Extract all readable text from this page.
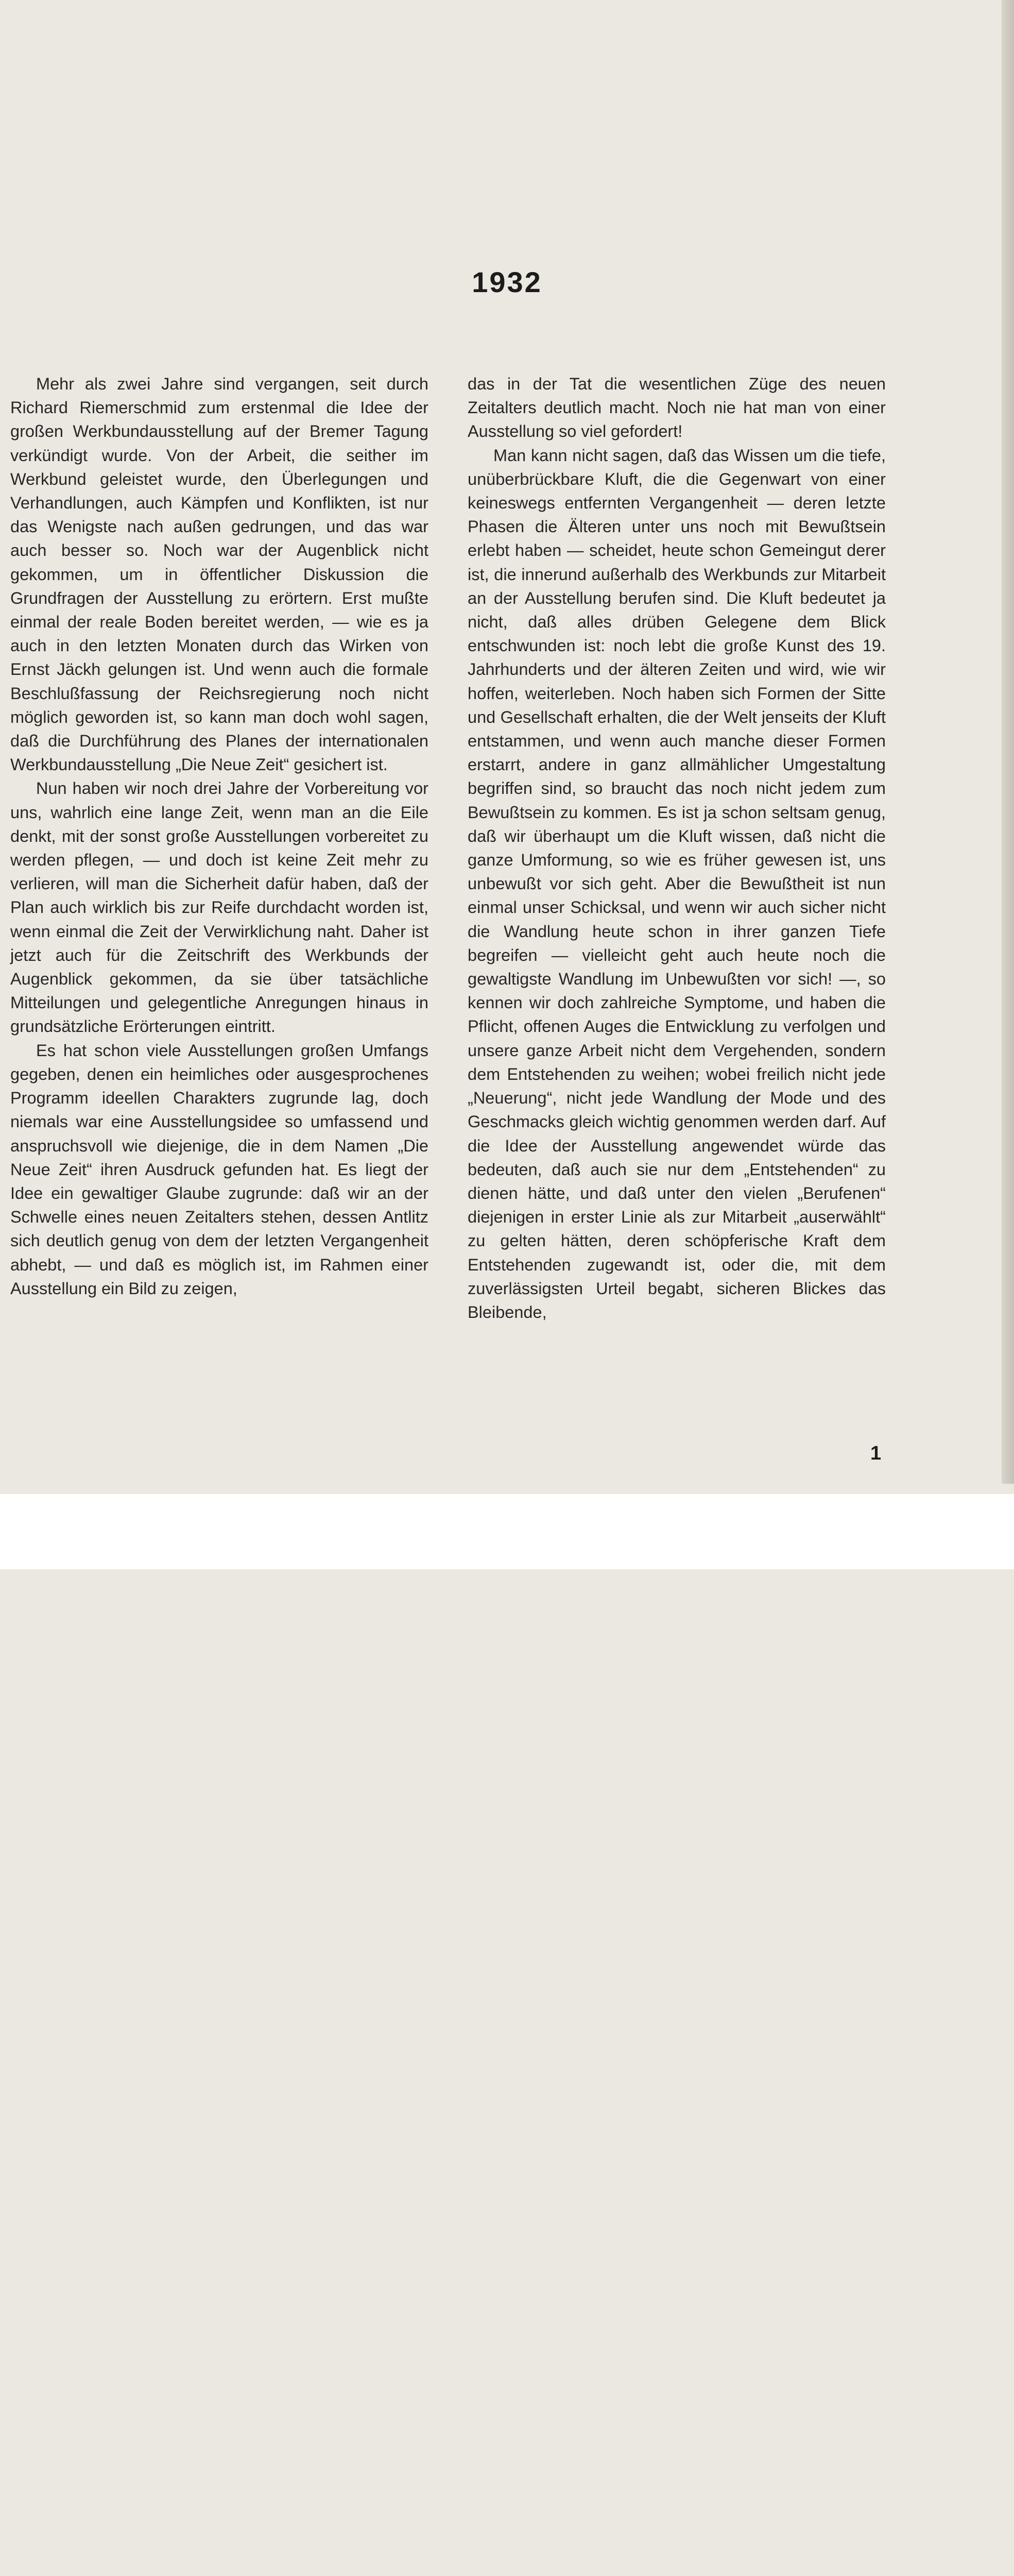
1932

Mehr als zwei Jahre sind vergangen, seit durch Richard Riemerschmid zum erstenmal die Idee der großen Werkbundausstellung auf der Bremer Tagung verkündigt wurde. Von der Arbeit, die seither im Werkbund geleistet wurde, den Überlegungen und Verhandlungen, auch Kämpfen und Konflikten, ist nur das Wenigste nach außen gedrungen, und das war auch besser so. Noch war der Augenblick nicht gekommen, um in öffentlicher Diskussion die Grundfragen der Ausstellung zu erörtern. Erst mußte einmal der reale Boden bereitet werden, — wie es ja auch in den letzten Monaten durch das Wirken von Ernst Jäckh gelungen ist. Und wenn auch die formale Beschlußfassung der Reichsregierung noch nicht möglich geworden ist, so kann man doch wohl sagen, daß die Durchführung des Planes der internationalen Werkbundausstellung „Die Neue Zeit“ gesichert ist.

Nun haben wir noch drei Jahre der Vorbereitung vor uns, wahrlich eine lange Zeit, wenn man an die Eile denkt, mit der sonst große Ausstellungen vorbereitet zu werden pflegen, — und doch ist keine Zeit mehr zu verlieren, will man die Sicherheit dafür haben, daß der Plan auch wirklich bis zur Reife durchdacht worden ist, wenn einmal die Zeit der Verwirklichung naht. Daher ist jetzt auch für die Zeitschrift des Werkbunds der Augenblick gekommen, da sie über tatsächliche Mitteilungen und gelegentliche Anregungen hinaus in grundsätzliche Erörterungen eintritt.

Es hat schon viele Ausstellungen großen Umfangs gegeben, denen ein heimliches oder ausgesprochenes Programm ideellen Charakters zugrunde lag, doch niemals war eine Ausstellungsidee so umfassend und anspruchsvoll wie diejenige, die in dem Namen „Die Neue Zeit“ ihren Ausdruck gefunden hat. Es liegt der Idee ein gewaltiger Glaube zugrunde: daß wir an der Schwelle eines neuen Zeitalters stehen, dessen Antlitz sich deutlich genug von dem der letzten Vergangenheit abhebt, — und daß es möglich ist, im Rahmen einer Ausstellung ein Bild zu zeigen,

das in der Tat die wesentlichen Züge des neuen Zeitalters deutlich macht. Noch nie hat man von einer Ausstellung so viel gefordert!

Man kann nicht sagen, daß das Wissen um die tiefe, unüberbrückbare Kluft, die die Gegenwart von einer keineswegs entfernten Vergangenheit — deren letzte Phasen die Älteren unter uns noch mit Bewußtsein erlebt haben — scheidet, heute schon Gemeingut derer ist, die innerund außerhalb des Werkbunds zur Mitarbeit an der Ausstellung berufen sind. Die Kluft bedeutet ja nicht, daß alles drüben Gelegene dem Blick entschwunden ist: noch lebt die große Kunst des 19. Jahrhunderts und der älteren Zeiten und wird, wie wir hoffen, weiterleben. Noch haben sich Formen der Sitte und Gesellschaft erhalten, die der Welt jenseits der Kluft entstammen, und wenn auch manche dieser Formen erstarrt, andere in ganz allmählicher Umgestaltung begriffen sind, so braucht das noch nicht jedem zum Bewußtsein zu kommen. Es ist ja schon seltsam genug, daß wir überhaupt um die Kluft wissen, daß nicht die ganze Umformung, so wie es früher gewesen ist, uns unbewußt vor sich geht. Aber die Bewußtheit ist nun einmal unser Schicksal, und wenn wir auch sicher nicht die Wandlung heute schon in ihrer ganzen Tiefe begreifen — vielleicht geht auch heute noch die gewaltigste Wandlung im Unbewußten vor sich! —, so kennen wir doch zahlreiche Symptome, und haben die Pflicht, offenen Auges die Entwicklung zu verfolgen und unsere ganze Arbeit nicht dem Vergehenden, sondern dem Entstehenden zu weihen; wobei freilich nicht jede „Neuerung“, nicht jede Wandlung der Mode und des Geschmacks gleich wichtig genommen werden darf. Auf die Idee der Ausstellung angewendet würde das bedeuten, daß auch sie nur dem „Entstehenden“ zu dienen hätte, und daß unter den vielen „Berufenen“ diejenigen in erster Linie als zur Mitarbeit „auserwählt“ zu gelten hätten, deren schöpferische Kraft dem Entstehenden zugewandt ist, oder die, mit dem zuverlässigsten Urteil begabt, sicheren Blickes das Bleibende,

1
